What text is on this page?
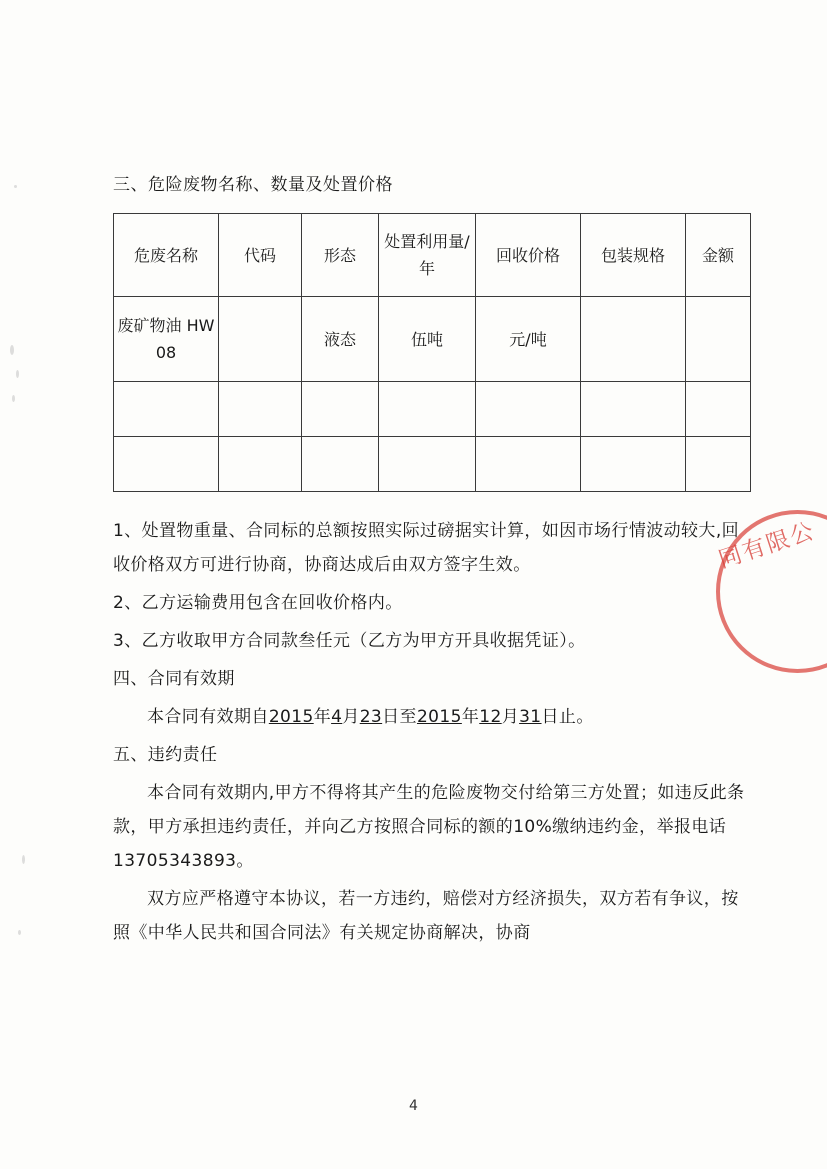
三、危险废物名称、数量及处置价格

危废名称	代码	形态	处置利用量/年	回收价格	包装规格	金额
废矿物油 HW08		液态	伍吨	元/吨		

1、处置物重量、合同标的总额按照实际过磅据实计算，如因市场行情波动较大,回收价格双方可进行协商，协商达成后由双方签字生效。

2、乙方运输费用包含在回收价格内。

3、乙方收取甲方合同款叁任元（乙方为甲方开具收据凭证）。

四、合同有效期

本合同有效期自2015年4月23日至2015年12月31日止。

五、违约责任

本合同有效期内,甲方不得将其产生的危险废物交付给第三方处置；如违反此条款，甲方承担违约责任，并向乙方按照合同标的额的10%缴纳违约金，举报电话13705343893。

双方应严格遵守本协议，若一方违约，赔偿对方经济损失，双方若有争议，按照《中华人民共和国合同法》有关规定协商解决，协商

同有限公
4
